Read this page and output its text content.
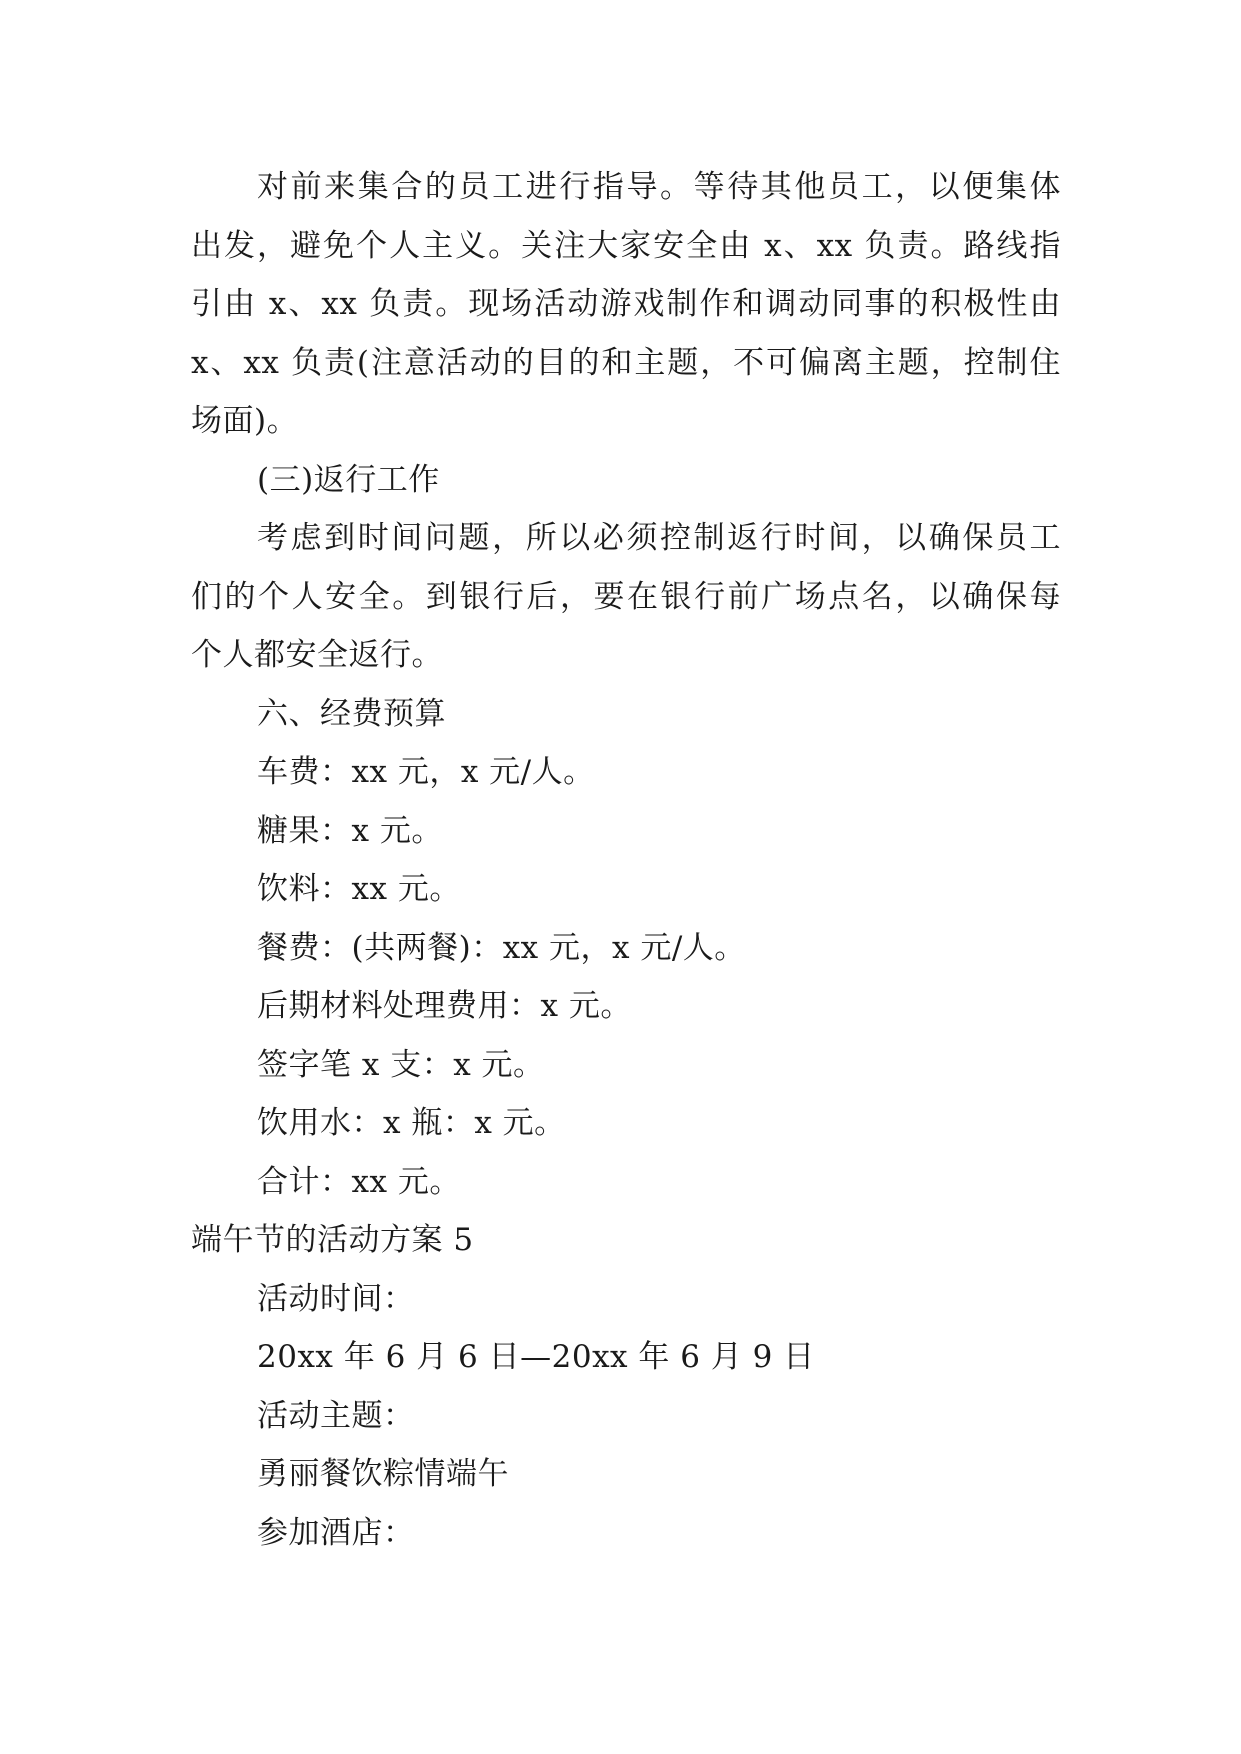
对前来集合的员工进行指导。等待其他员工，以便集体
出发，避免个人主义。关注大家安全由 x、xx 负责。路线指
引由 x、xx 负责。现场活动游戏制作和调动同事的积极性由
x、xx 负责(注意活动的目的和主题，不可偏离主题，控制住
场面)。
(三)返行工作
考虑到时间问题，所以必须控制返行时间，以确保员工
们的个人安全。到银行后，要在银行前广场点名，以确保每
个人都安全返行。
六、经费预算
车费：xx 元，x 元/人。
糖果：x 元。
饮料：xx 元。
餐费：(共两餐)：xx 元，x 元/人。
后期材料处理费用：x 元。
签字笔 x 支：x 元。
饮用水：x 瓶：x 元。
合计：xx 元。
端午节的活动方案 5
活动时间：
20xx 年 6 月 6 日—20xx 年 6 月 9 日
活动主题：
勇丽餐饮粽情端午
参加酒店：
